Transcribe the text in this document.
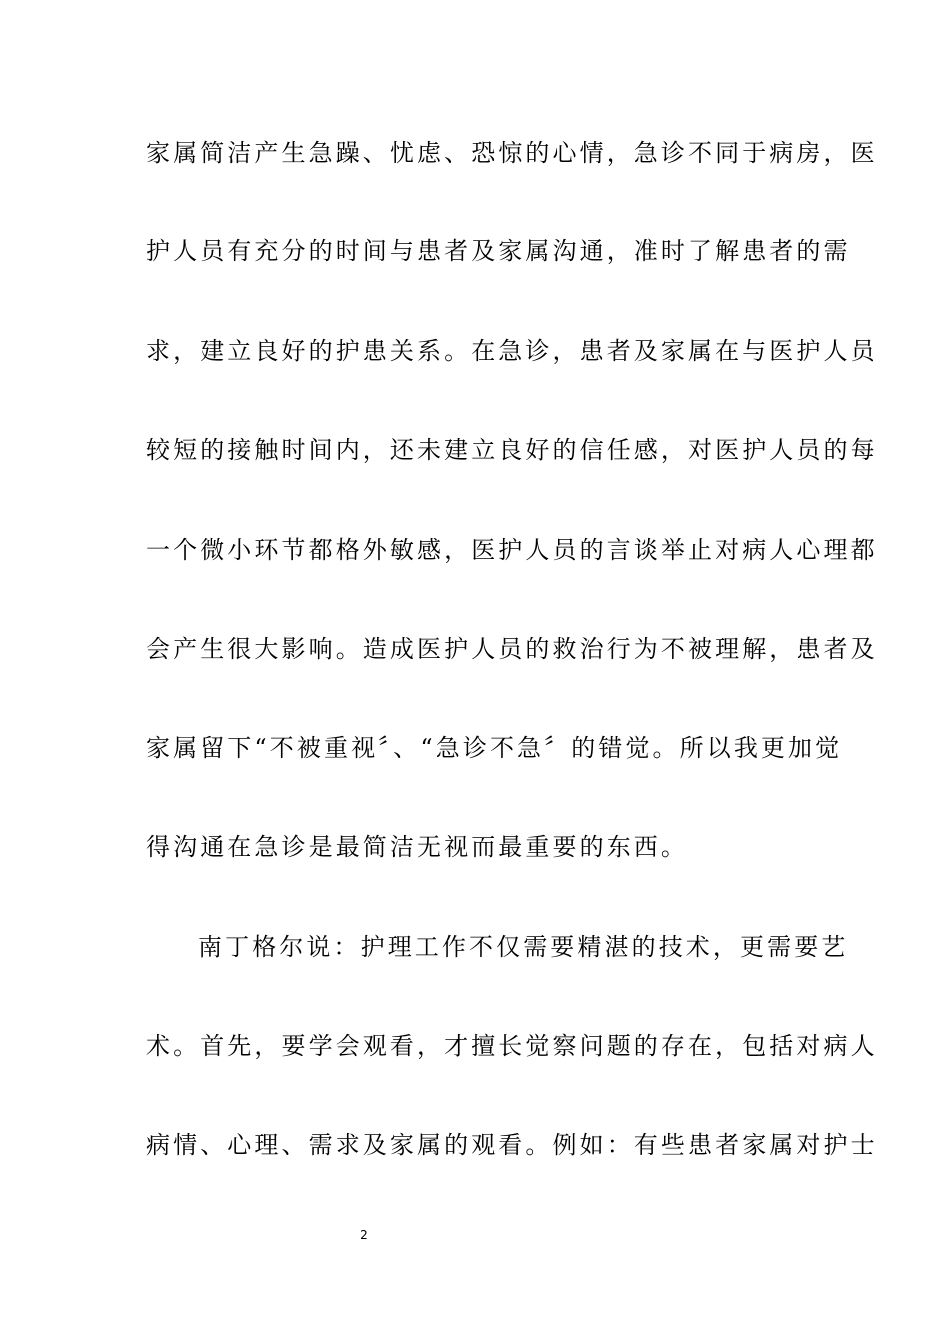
家属简洁产生急躁、忧虑、恐惊的心情，急诊不同于病房，医
护人员有充分的时间与患者及家属沟通，准时了解患者的需
求，建立良好的护患关系。在急诊，患者及家属在与医护人员
较短的接触时间内，还未建立良好的信任感，对医护人员的每
一个微小环节都格外敏感，医护人员的言谈举止对病人心理都
会产生很大影响。造成医护人员的救治行为不被理解，患者及
家属留下“不被重视〞、“急诊不急〞的错觉。所以我更加觉
得沟通在急诊是最简洁无视而最重要的东西。
南丁格尔说：护理工作不仅需要精湛的技术，更需要艺
术。首先，要学会观看，才擅长觉察问题的存在，包括对病人
病情、心理、需求及家属的观看。例如：有些患者家属对护士
2
